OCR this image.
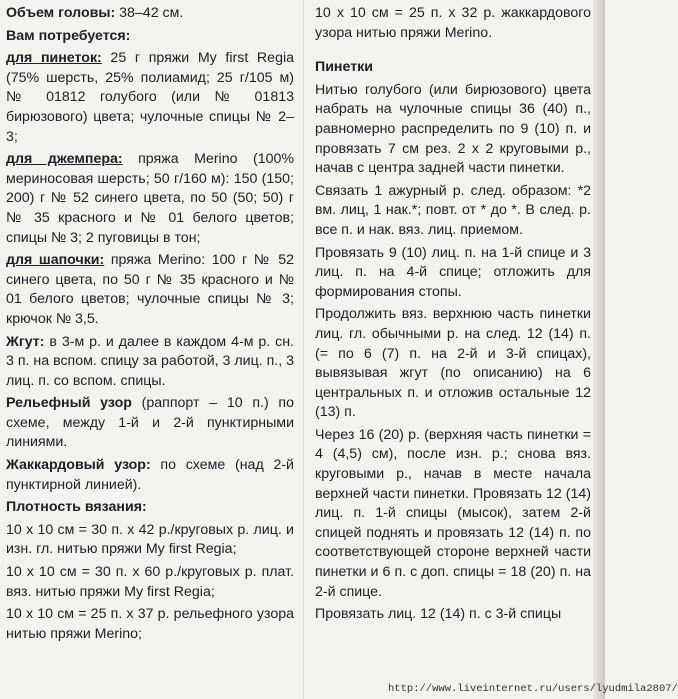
Объем головы: 38–42 см.

Вам потребуется:

для пинеток: 25 г пряжи My first Regia (75% шерсть, 25% полиамид; 25 г/105 м) № 01812 голубого (или № 01813 бирюзового) цвета; чулочные спицы № 2–3;

для джемпера: пряжа Merino (100% мериносовая шерсть; 50 г/160 м): 150 (150; 200) г № 52 синего цвета, по 50 (50; 50) г № 35 красного и № 01 белого цветов; спицы № 3; 2 пуговицы в тон;

для шапочки: пряжа Merino: 100 г № 52 синего цвета, по 50 г № 35 красного и № 01 белого цветов; чулочные спицы № 3; крючок № 3,5.

Жгут: в 3-м р. и далее в каждом 4-м р. сн. 3 п. на вспом. спицу за работой, 3 лиц. п., 3 лиц. п. со вспом. спицы.

Рельефный узор (раппорт – 10 п.) по схеме, между 1-й и 2-й пунктирными линиями.

Жаккардовый узор: по схеме (над 2-й пунктирной линией).

Плотность вязания:

10 х 10 см = 30 п. х 42 р./круговых р. лиц. и изн. гл. нитью пряжи My first Regia;

10 х 10 см = 30 п. х 60 р./круговых р. плат. вяз. нитью пряжи My first Regia;

10 х 10 см = 25 п. х 37 р. рельефного узора нитью пряжи Merino;

10 х 10 см = 25 п. х 32 р. жаккардового узора нитью пряжи Merino.

Пинетки

Нитью голубого (или бирюзового) цвета набрать на чулочные спицы 36 (40) п., равномерно распределить по 9 (10) п. и провязать 7 см рез. 2 х 2 круговыми р., начав с центра задней части пинетки.

Связать 1 ажурный р. след. образом: *2 вм. лиц, 1 нак.*; повт. от * до *. В след. р. все п. и нак. вяз. лиц. приемом.

Провязать 9 (10) лиц. п. на 1-й спице и 3 лиц. п. на 4-й спице; отложить для формирования стопы.

Продолжить вяз. верхнюю часть пинетки лиц. гл. обычными р. на след. 12 (14) п. (= по 6 (7) п. на 2-й и 3-й спицах), вывязывая жгут (по описанию) на 6 центральных п. и отложив остальные 12 (13) п.

Через 16 (20) р. (верхняя часть пинетки = 4 (4,5) см), после изн. р.; снова вяз. круговыми р., начав в месте начала верхней части пинетки. Провязать 12 (14) лиц. п. 1-й спицы (мысок), затем 2-й спицей поднять и провязать 12 (14) п. по соответствующей стороне верхней части пинетки и 6 п. с доп. спицы = 18 (20) п. на 2-й спице.

Провязать лиц. 12 (14) п. с 3-й спицы

http://www.liveinternet.ru/users/lyudmila2807/
